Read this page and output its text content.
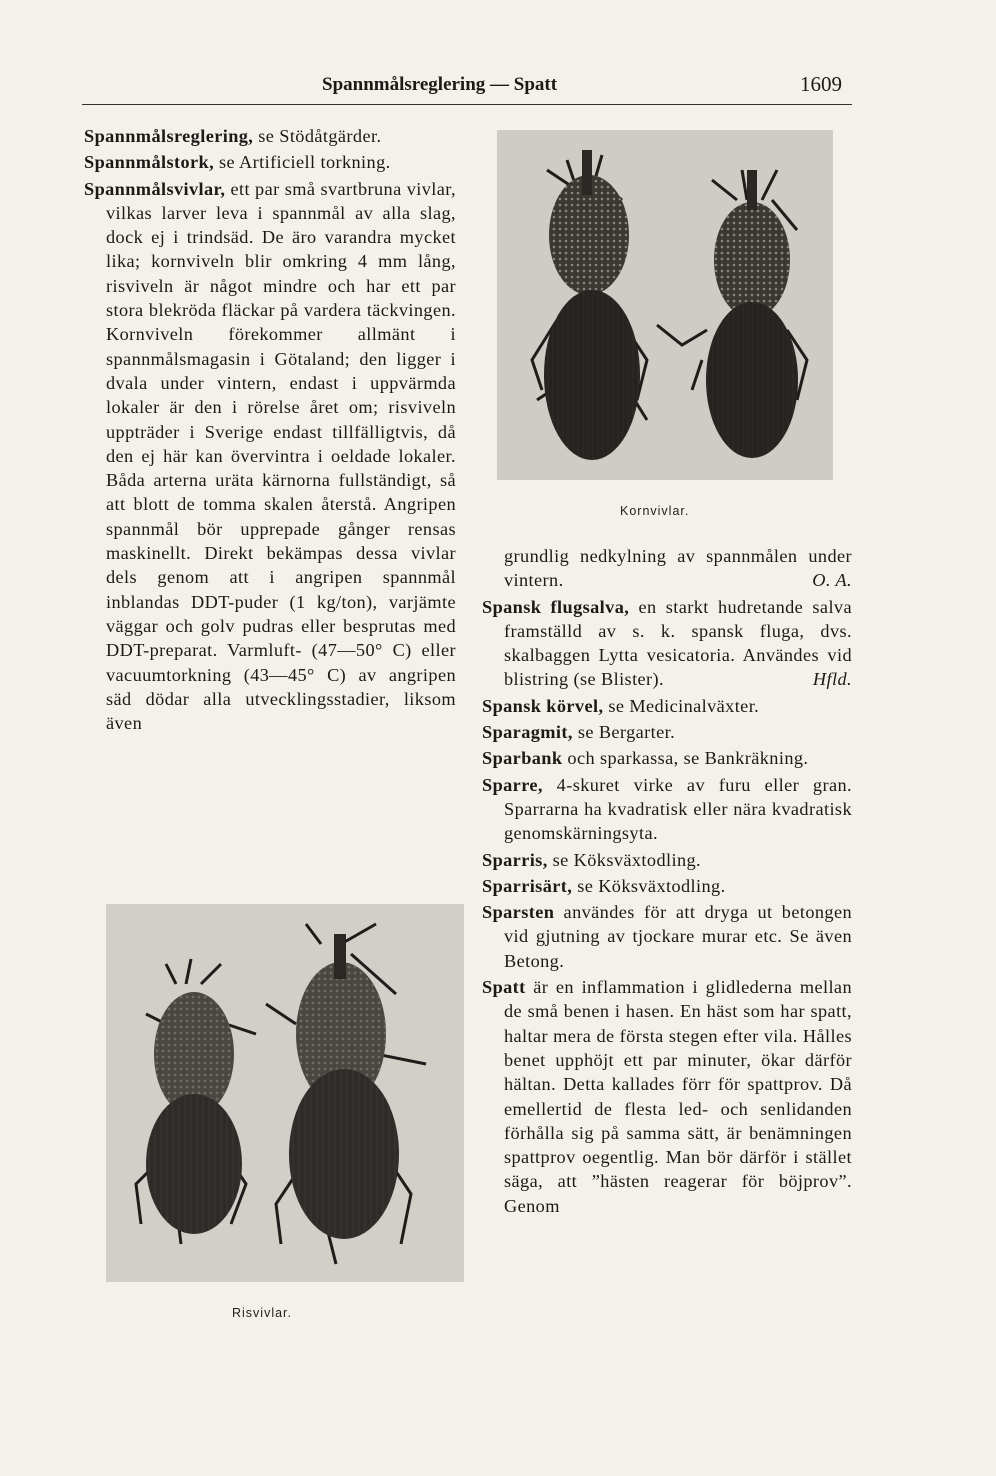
Spannmålsreglering — Spatt	1609

Spannmålsreglering, se Stödåtgärder.

Spannmålstork, se Artificiell torkning.

Spannmålsvivlar, ett par små svartbruna vivlar, vilkas larver leva i spannmål av alla slag, dock ej i trindsäd. De äro varandra mycket lika; kornviveln blir omkring 4 mm lång, risviveln är något mindre och har ett par stora blekröda fläckar på vardera täckvingen. Kornviveln förekommer allmänt i spannmålsmagasin i Götaland; den ligger i dvala under vintern, endast i uppvärmda lokaler är den i rörelse året om; risviveln uppträder i Sverige endast tillfälligtvis, då den ej här kan övervintra i oeldade lokaler. Båda arterna uräta kärnorna fullständigt, så att blott de tomma skalen återstå. Angripen spannmål bör upprepade gånger rensas maskinellt. Direkt bekämpas dessa vivlar dels genom att i angripen spannmål inblandas DDT-puder (1 kg/ton), varjämte väggar och golv pudras eller besprutas med DDT-preparat. Varmluft- (47—50° C) eller vacuumtorkning (43—45° C) av angripen säd dödar alla utvecklingsstadier, liksom även

Kornvivlar.

grundlig nedkylning av spannmålen under vintern.	O. A.

Spansk flugsalva, en starkt hudretande salva framställd av s. k. spansk fluga, dvs. skalbaggen Lytta vesicatoria. Användes vid blistring (se Blister).	Hfld.

Spansk körvel, se Medicinalväxter.

Sparagmit, se Bergarter.

Sparbank och sparkassa, se Bankräkning.

Sparre, 4-skuret virke av furu eller gran. Sparrarna ha kvadratisk eller nära kvadratisk genomskärningsyta.

Sparris, se Köksväxtodling.

Sparrisärt, se Köksväxtodling.

Sparsten användes för att dryga ut betongen vid gjutning av tjockare murar etc. Se även Betong.

Spatt är en inflammation i glidlederna mellan de små benen i hasen. En häst som har spatt, haltar mera de första stegen efter vila. Hålles benet upphöjt ett par minuter, ökar därför hältan. Detta kallades förr för spattprov. Då emellertid de flesta led- och senlidanden förhålla sig på samma sätt, är benämningen spattprov oegentlig. Man bör därför i stället säga, att ”hästen reagerar för böjprov”. Genom

Risvivlar.
